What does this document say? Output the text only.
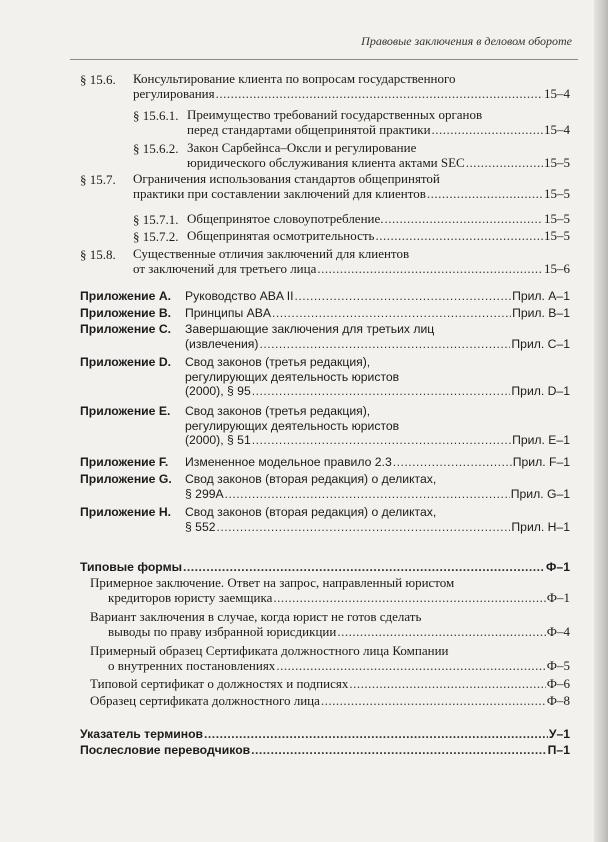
Правовые заключения в деловом обороте
§ 15.6. Консультирование клиента по вопросам государственного
регулирования .....	15–4
§ 15.6.1. Преимущество требований государственных органов
перед стандартами общепринятой практики .....	15–4
§ 15.6.2. Закон Сарбейнса–Оксли и регулирование
юридического обслуживания клиента актами SEC .....	15–5
§ 15.7. Ограничения использования стандартов общепринятой
практики при составлении заключений для клиентов .....	15–5
§ 15.7.1. Общепринятое словоупотребление. .....	15–5
§ 15.7.2. Общепринятая осмотрительность .....	15–5
§ 15.8. Существенные отличия заключений для клиентов
от заключений для третьего лица .....	15–6
Приложение A. Руководство ABA II .....	Прил. A–1
Приложение B. Принципы ABA .....	Прил. B–1
Приложение C. Завершающие заключения для третьих лиц
(извлечения) .....	Прил. C–1
Приложение D. Свод законов (третья редакция),
регулирующих деятельность юристов
(2000), § 95 .....	Прил. D–1
Приложение E. Свод законов (третья редакция),
регулирующих деятельность юристов
(2000), § 51 .....	Прил. E–1
Приложение F. Измененное модельное правило 2.3 .....	Прил. F–1
Приложение G. Свод законов (вторая редакция) о деликтах,
§ 299A .....	Прил. G–1
Приложение H. Свод законов (вторая редакция) о деликтах,
§ 552 .....	Прил. H–1
Типовые формы .....	Ф–1
Примерное заключение. Ответ на запрос, направленный юристом
кредиторов юристу заемщика .....	Ф–1
Вариант заключения в случае, когда юрист не готов сделать
выводы по праву избранной юрисдикции .....	Ф–4
Примерный образец Сертификата должностного лица Компании
о внутренних постановлениях .....	Ф–5
Типовой сертификат о должностях и подписях .....	Ф–6
Образец сертификата должностного лица .....	Ф–8
Указатель терминов .....	У–1
Послесловие переводчиков .....	П–1
